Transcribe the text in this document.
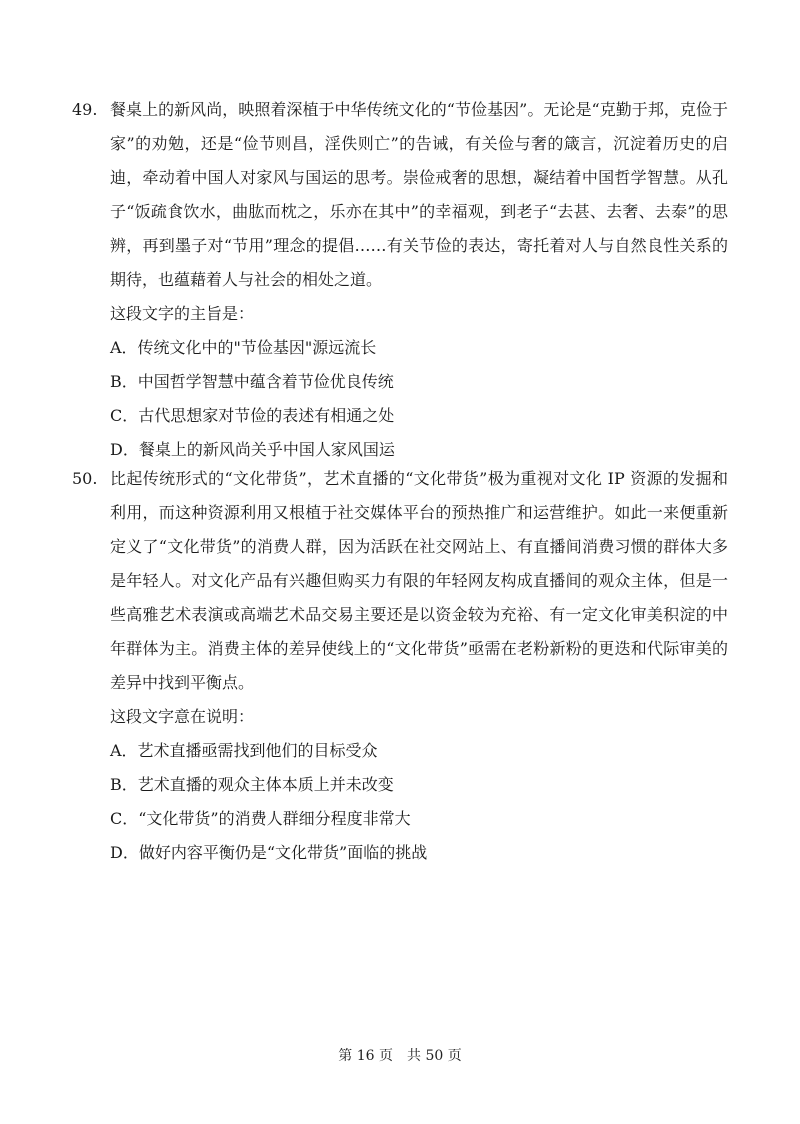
49. 餐桌上的新风尚，映照着深植于中华传统文化的“节俭基因”。无论是“克勤于邦，克俭于家”的劝勉，还是“俭节则昌，淫佚则亡”的告诫，有关俭与奢的箴言，沉淀着历史的启迪，牵动着中国人对家风与国运的思考。崇俭戒奢的思想，凝结着中国哲学智慧。从孔子“饭疏食饮水，曲肱而枕之，乐亦在其中”的幸福观，到老子“去甚、去奢、去泰”的思辨，再到墨子对“节用”理念的提倡……有关节俭的表达，寄托着对人与自然良性关系的期待，也蕴藉着人与社会的相处之道。

这段文字的主旨是：

A．传统文化中的"节俭基因"源远流长

B．中国哲学智慧中蕴含着节俭优良传统

C．古代思想家对节俭的表述有相通之处

D．餐桌上的新风尚关乎中国人家风国运

50. 比起传统形式的“文化带货”，艺术直播的“文化带货”极为重视对文化 IP 资源的发掘和利用，而这种资源利用又根植于社交媒体平台的预热推广和运营维护。如此一来便重新定义了“文化带货”的消费人群，因为活跃在社交网站上、有直播间消费习惯的群体大多是年轻人。对文化产品有兴趣但购买力有限的年轻网友构成直播间的观众主体，但是一些高雅艺术表演或高端艺术品交易主要还是以资金较为充裕、有一定文化审美积淀的中年群体为主。消费主体的差异使线上的“文化带货”亟需在老粉新粉的更迭和代际审美的差异中找到平衡点。

这段文字意在说明：

A．艺术直播亟需找到他们的目标受众

B．艺术直播的观众主体本质上并未改变

C．“文化带货”的消费人群细分程度非常大

D．做好内容平衡仍是“文化带货”面临的挑战

第 16 页　共 50 页
